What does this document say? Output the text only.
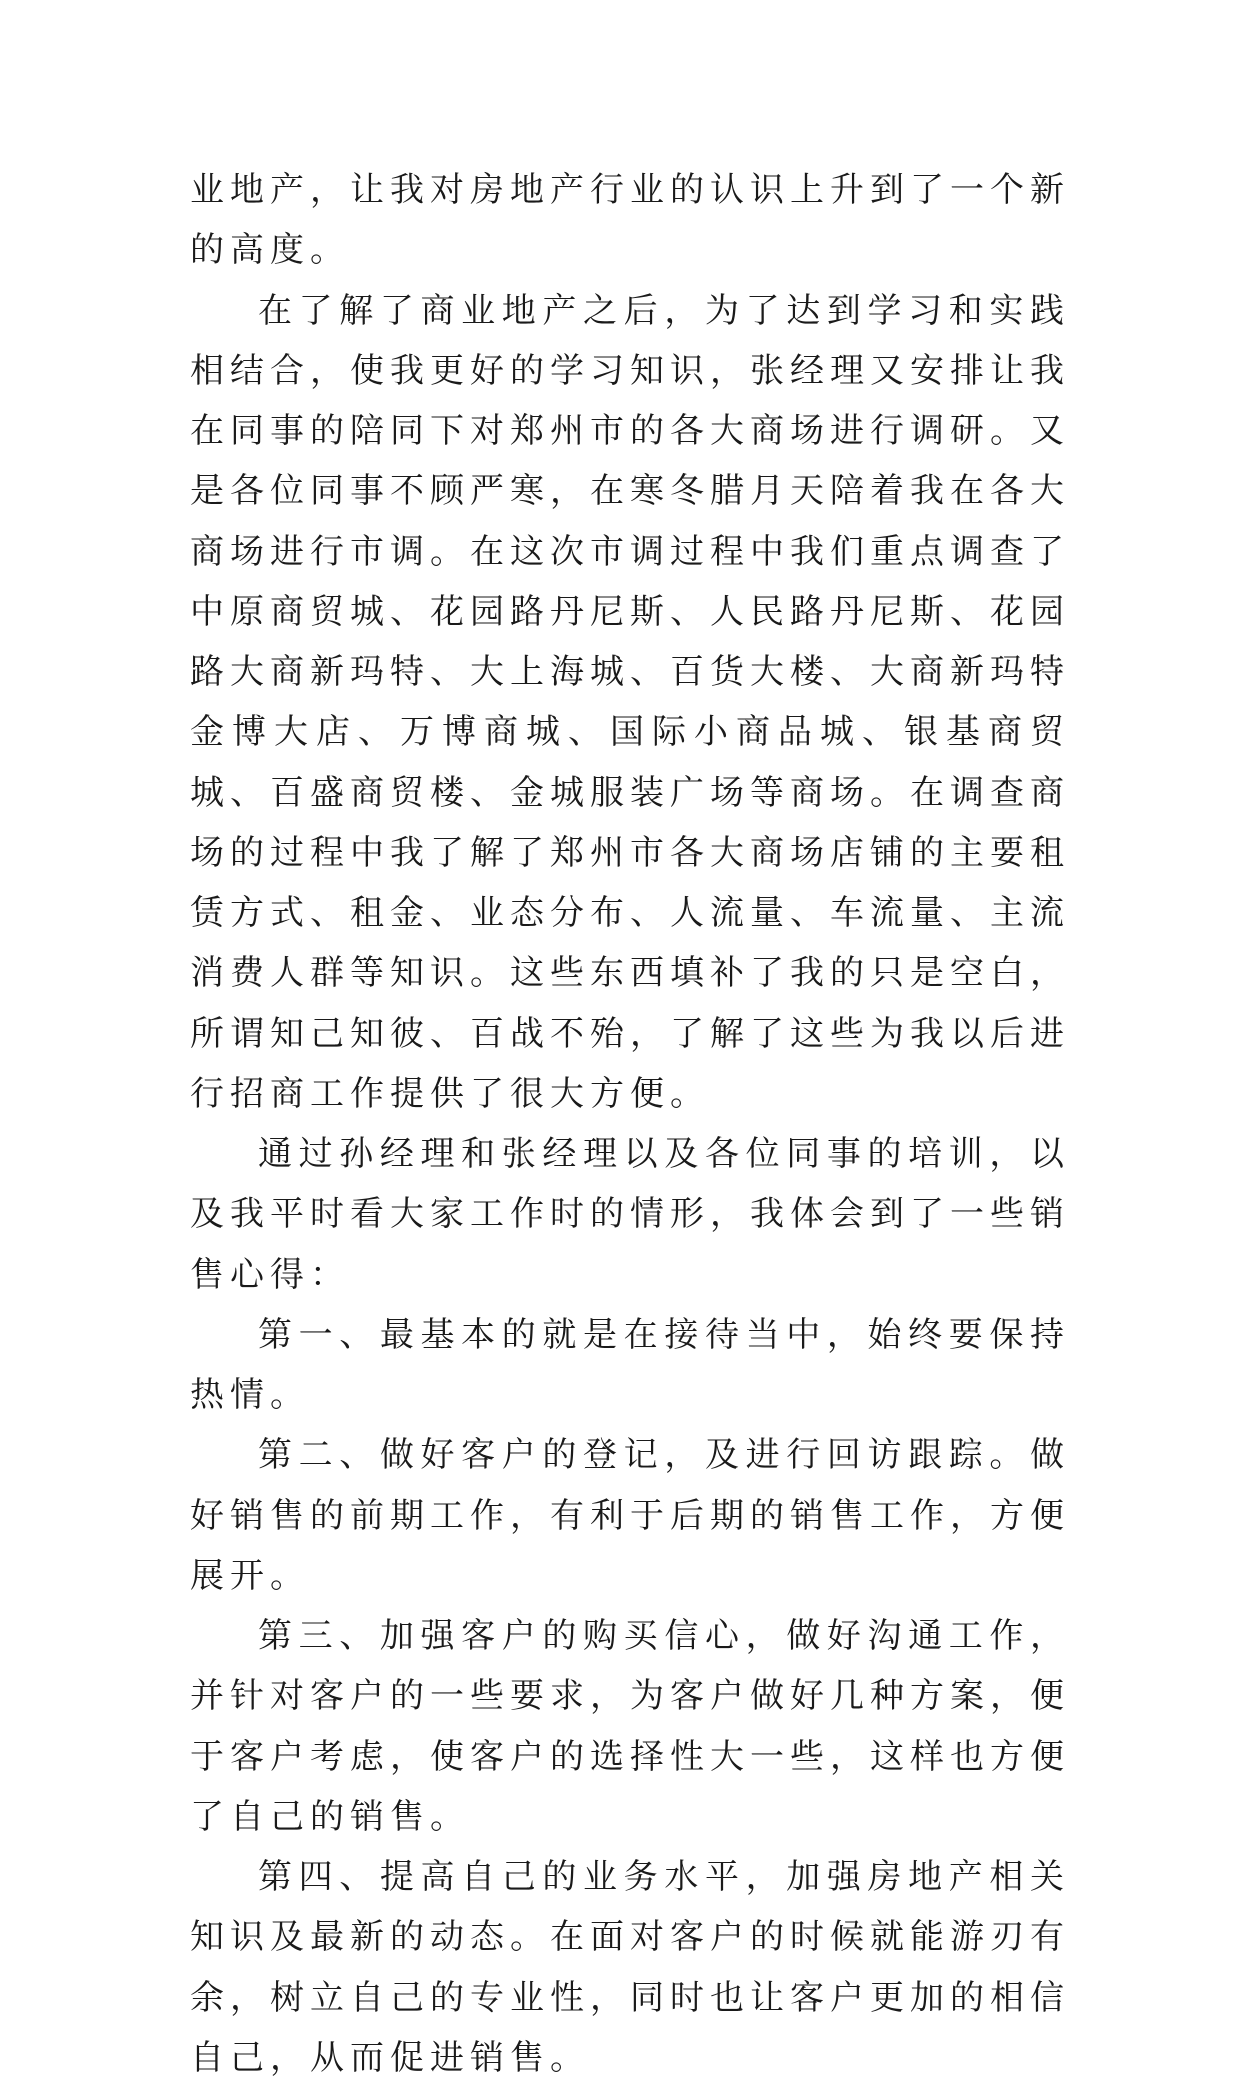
业地产，让我对房地产行业的认识上升到了一个新的高度。

在了解了商业地产之后，为了达到学习和实践相结合，使我更好的学习知识，张经理又安排让我在同事的陪同下对郑州市的各大商场进行调研。又是各位同事不顾严寒，在寒冬腊月天陪着我在各大商场进行市调。在这次市调过程中我们重点调查了中原商贸城、花园路丹尼斯、人民路丹尼斯、花园路大商新玛特、大上海城、百货大楼、大商新玛特金博大店、万博商城、国际小商品城、银基商贸城、百盛商贸楼、金城服装广场等商场。在调查商场的过程中我了解了郑州市各大商场店铺的主要租赁方式、租金、业态分布、人流量、车流量、主流消费人群等知识。这些东西填补了我的只是空白，所谓知己知彼、百战不殆，了解了这些为我以后进行招商工作提供了很大方便。

通过孙经理和张经理以及各位同事的培训，以及我平时看大家工作时的情形，我体会到了一些销售心得：

第一、最基本的就是在接待当中，始终要保持热情。

第二、做好客户的登记，及进行回访跟踪。做好销售的前期工作，有利于后期的销售工作，方便展开。

第三、加强客户的购买信心，做好沟通工作，并针对客户的一些要求，为客户做好几种方案，便于客户考虑，使客户的选择性大一些，这样也方便了自己的销售。

第四、提高自己的业务水平，加强房地产相关知识及最新的动态。在面对客户的时候就能游刃有余，树立自己的专业性，同时也让客户更加的相信自己，从而促进销售。
